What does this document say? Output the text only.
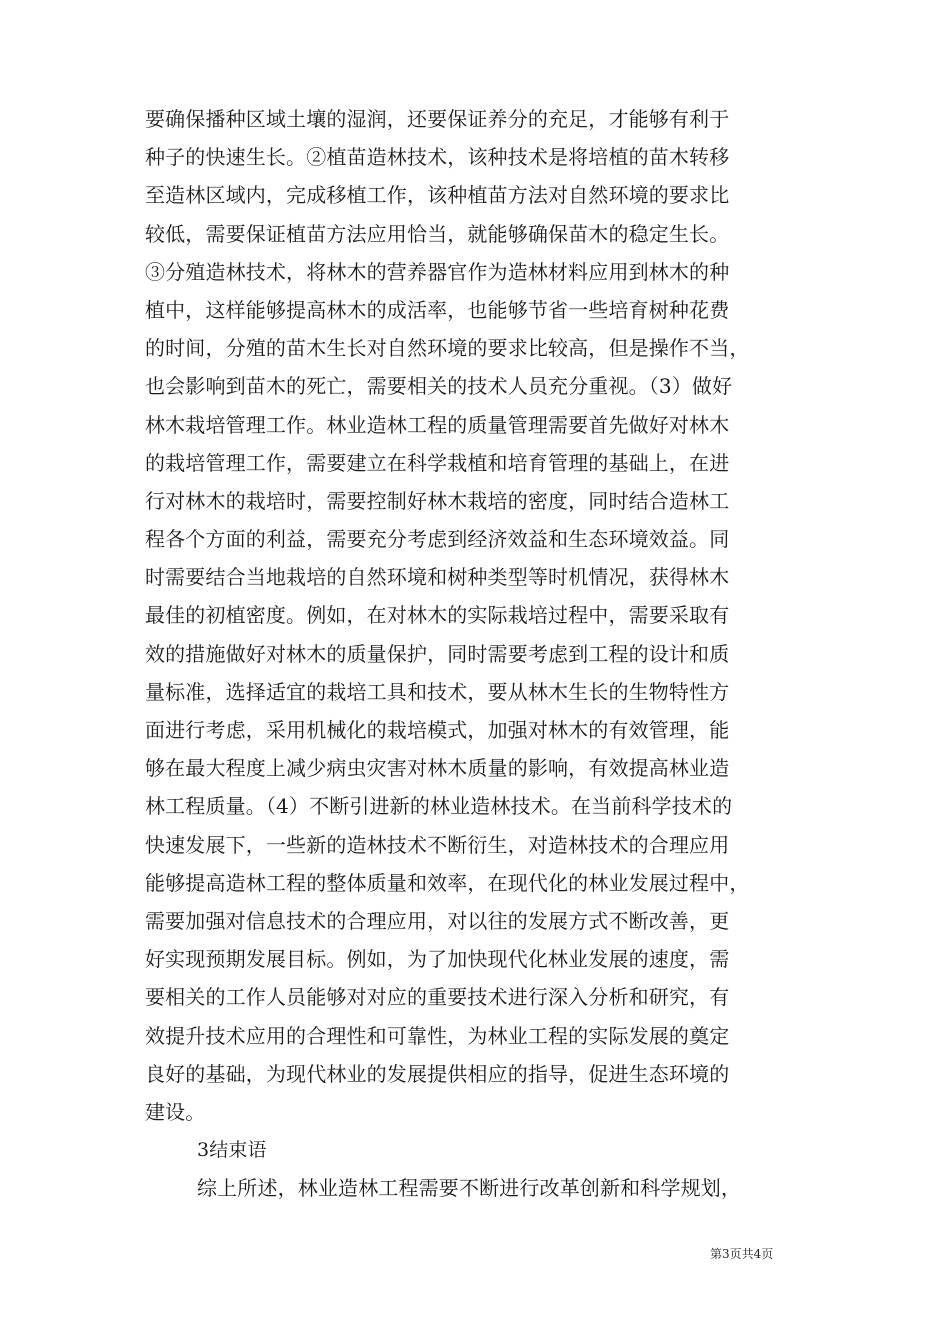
要确保播种区域土壤的湿润，还要保证养分的充足，才能够有利于
种子的快速生长。②植苗造林技术，该种技术是将培植的苗木转移
至造林区域内，完成移植工作，该种植苗方法对自然环境的要求比
较低，需要保证植苗方法应用恰当，就能够确保苗木的稳定生长。
③分殖造林技术，将林木的营养器官作为造林材料应用到林木的种
植中，这样能够提高林木的成活率，也能够节省一些培育树种花费
的时间，分殖的苗木生长对自然环境的要求比较高，但是操作不当，
也会影响到苗木的死亡，需要相关的技术人员充分重视。（3）做好
林木栽培管理工作。林业造林工程的质量管理需要首先做好对林木
的栽培管理工作，需要建立在科学栽植和培育管理的基础上，在进
行对林木的栽培时，需要控制好林木栽培的密度，同时结合造林工
程各个方面的利益，需要充分考虑到经济效益和生态环境效益。同
时需要结合当地栽培的自然环境和树种类型等时机情况，获得林木
最佳的初植密度。例如，在对林木的实际栽培过程中，需要采取有
效的措施做好对林木的质量保护，同时需要考虑到工程的设计和质
量标准，选择适宜的栽培工具和技术，要从林木生长的生物特性方
面进行考虑，采用机械化的栽培模式，加强对林木的有效管理，能
够在最大程度上减少病虫灾害对林木质量的影响，有效提高林业造
林工程质量。（4）不断引进新的林业造林技术。在当前科学技术的
快速发展下，一些新的造林技术不断衍生，对造林技术的合理应用
能够提高造林工程的整体质量和效率，在现代化的林业发展过程中，
需要加强对信息技术的合理应用，对以往的发展方式不断改善，更
好实现预期发展目标。例如，为了加快现代化林业发展的速度，需
要相关的工作人员能够对对应的重要技术进行深入分析和研究，有
效提升技术应用的合理性和可靠性，为林业工程的实际发展的奠定
良好的基础，为现代林业的发展提供相应的指导，促进生态环境的
建设。
3结束语
综上所述，林业造林工程需要不断进行改革创新和科学规划，
第3页共4页
